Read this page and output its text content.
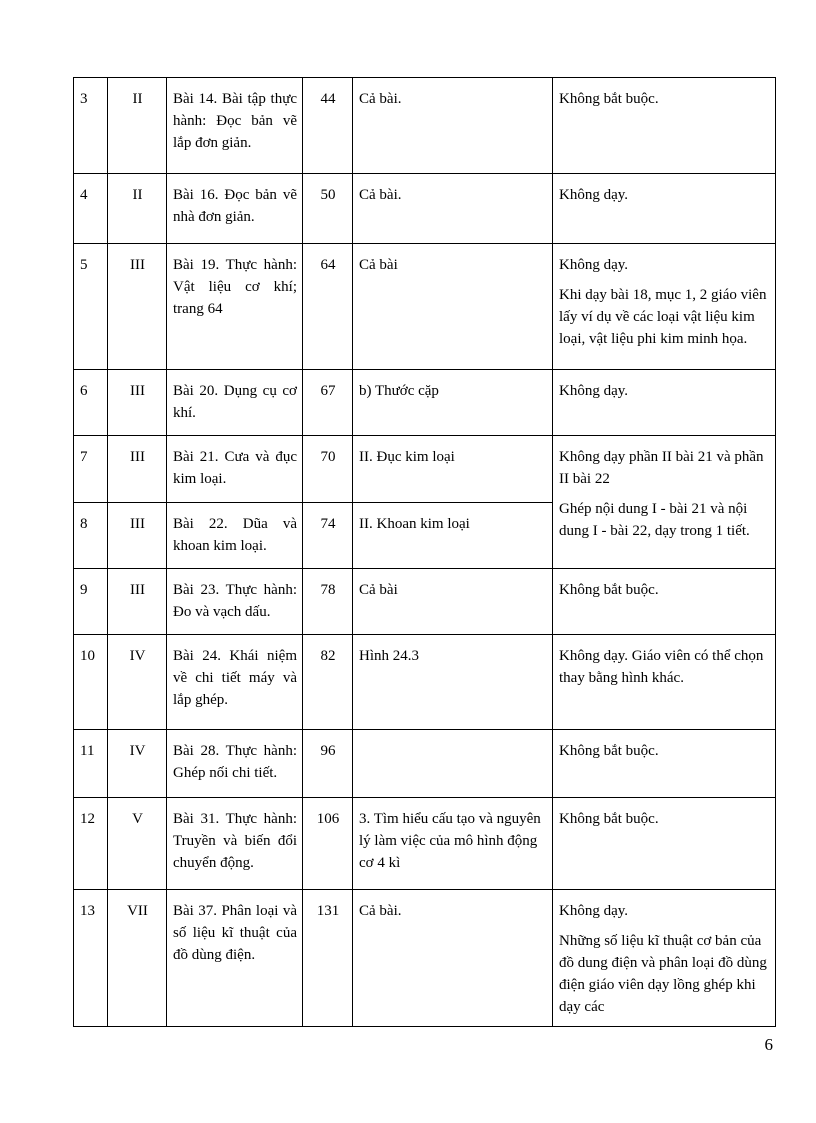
3	II	Bài 14. Bài tập thực hành: Đọc bản vẽ lắp đơn giản.	44	Cả bài.	Không bắt buộc.

4	II	Bài 16. Đọc bản vẽ nhà đơn giản.	50	Cả bài.	Không dạy.

5	III	Bài 19. Thực hành: Vật liệu cơ khí; trang 64	64	Cả bài	Không dạy.

Khi dạy bài 18, mục 1, 2 giáo viên lấy ví dụ về các loại vật liệu kim loại, vật liệu phi kim minh họa.

6	III	Bài 20. Dụng cụ cơ khí.	67	b) Thước cặp	Không dạy.

7	III	Bài 21. Cưa và đục kim loại.	70	II. Đục kim loại	Không dạy phần II bài 21 và phần II bài 22

Ghép nội dung I - bài 21 và nội dung I - bài 22, dạy trong 1 tiết.

8	III	Bài 22. Dũa và khoan kim loại.	74	II. Khoan kim loại	
9	III	Bài 23. Thực hành: Đo và vạch dấu.	78	Cả bài	Không bắt buộc.

10	IV	Bài 24. Khái niệm về chi tiết máy và lắp ghép.	82	Hình 24.3	Không dạy. Giáo viên có thể chọn thay bằng hình khác.

11	IV	Bài 28. Thực hành: Ghép nối chi tiết.	96		Không bắt buộc.

12	V	Bài 31. Thực hành: Truyền và biến đổi chuyển động.	106	3. Tìm hiểu cấu tạo và nguyên lý làm việc của mô hình động cơ 4 kì	Không bắt buộc.

13	VII	Bài 37. Phân loại và số liệu kĩ thuật của đồ dùng điện.	131	Cả bài.	Không dạy.

Những số liệu kĩ thuật cơ bản của đồ dung điện và phân loại đồ dùng điện giáo viên dạy lồng ghép khi dạy các

6
